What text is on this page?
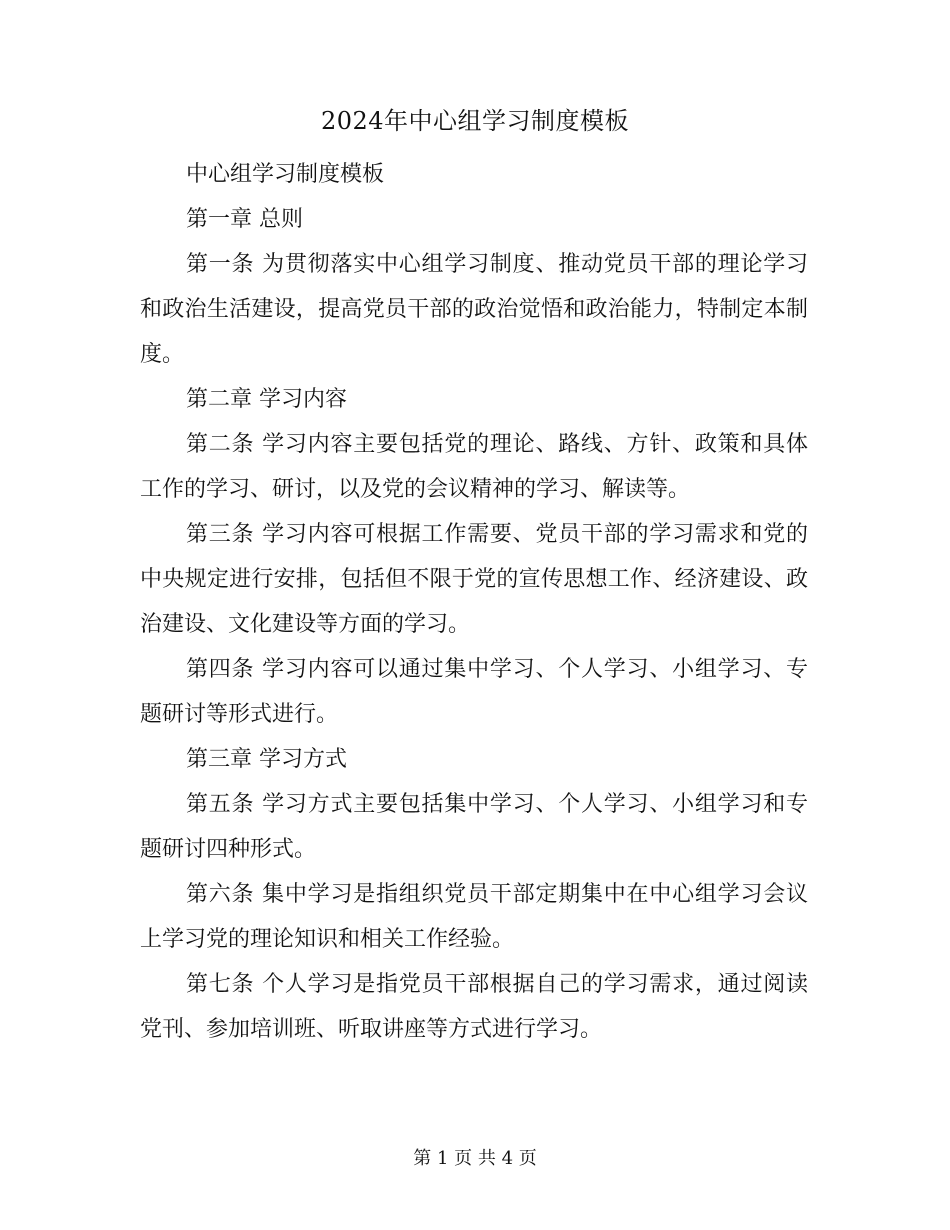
2024年中心组学习制度模板

中心组学习制度模板

第一章 总则

第一条 为贯彻落实中心组学习制度、推动党员干部的理论学习和政治生活建设，提高党员干部的政治觉悟和政治能力，特制定本制度。

第二章 学习内容

第二条 学习内容主要包括党的理论、路线、方针、政策和具体工作的学习、研讨，以及党的会议精神的学习、解读等。

第三条 学习内容可根据工作需要、党员干部的学习需求和党的中央规定进行安排，包括但不限于党的宣传思想工作、经济建设、政治建设、文化建设等方面的学习。

第四条 学习内容可以通过集中学习、个人学习、小组学习、专题研讨等形式进行。

第三章 学习方式

第五条 学习方式主要包括集中学习、个人学习、小组学习和专题研讨四种形式。

第六条 集中学习是指组织党员干部定期集中在中心组学习会议上学习党的理论知识和相关工作经验。

第七条 个人学习是指党员干部根据自己的学习需求，通过阅读党刊、参加培训班、听取讲座等方式进行学习。

第 1 页 共 4 页
